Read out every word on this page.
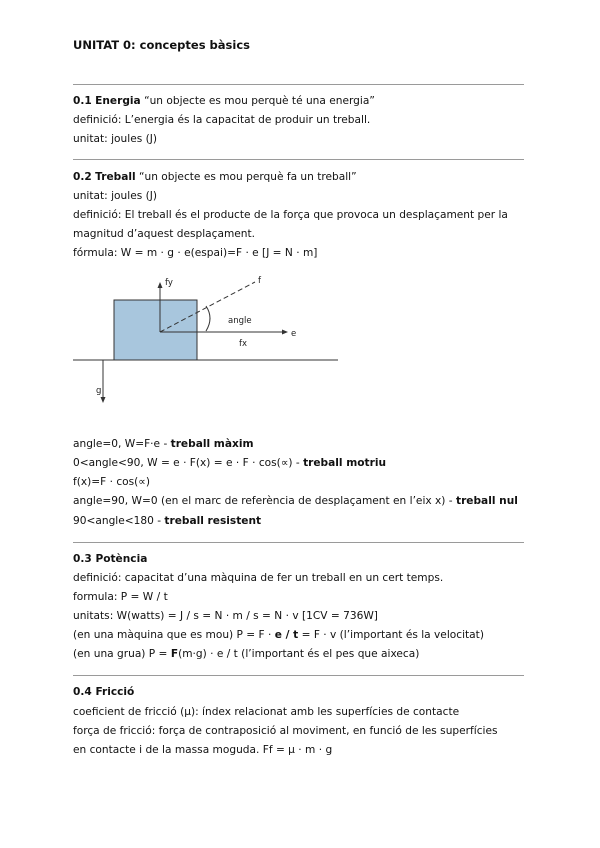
UNITAT 0: conceptes bàsics
0.1 Energia “un objecte es mou perquè té una energia”
definició: L’energia és la capacitat de produir un treball.
unitat: joules (J)
0.2 Treball “un objecte es mou perquè fa un treball”
unitat: joules (J)
definició: El treball és el producte de la força que provoca un desplaçament per la
magnitud d’aquest desplaçament.
fórmula: W = m · g · e(espai)=F · e [J = N · m]
fy	f
angle
e
fx
g
angle=0, W=F·e - treball màxim
0<angle<90, W = e · F(x) = e · F · cos(∝) - treball motriu
f(x)=F · cos(∝)
angle=90, W=0 (en el marc de referència de desplaçament en l’eix x) - treball nul
90<angle<180 - treball resistent
0.3 Potència
definició: capacitat d’una màquina de fer un treball en un cert temps.
formula: P = W / t
unitats: W(watts) = J / s = N · m / s = N · v [1CV = 736W]
(en una màquina que es mou) P = F · e / t = F · v (l’important és la velocitat)
(en una grua) P = F(m·g) · e / t (l’important és el pes que aixeca)
0.4 Fricció
coeficient de fricció (μ): índex relacionat amb les superfícies de contacte
força de fricció: força de contraposició al moviment, en funció de les superfícies
en contacte i de la massa moguda. Ff = μ · m · g
